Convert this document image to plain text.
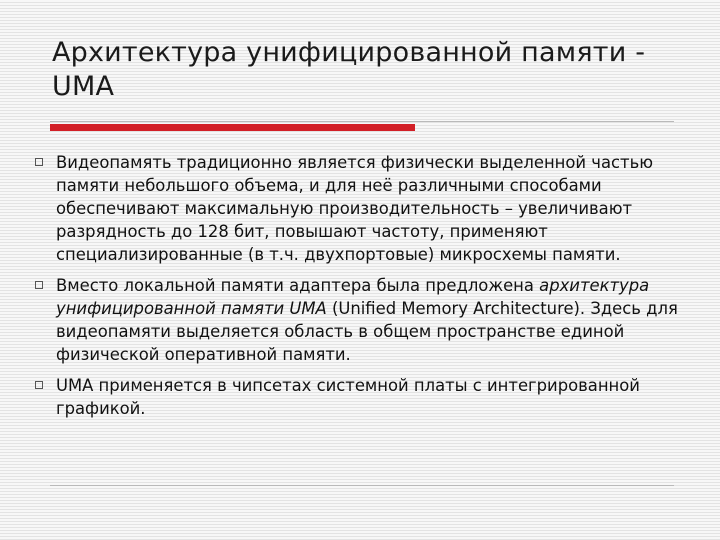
Архитектура унифицированной памяти - UMA
Видеопамять традиционно является физически выделенной частью памяти небольшого объема, и для неё различными способами обеспечивают максимальную производительность – увеличивают разрядность до 128 бит, повышают частоту, применяют специализированные (в т.ч. двухпортовые) микросхемы памяти.
Вместо локальной памяти адаптера была предложена архитектура унифицированной памяти UMA (Unified Memory Architecture). Здесь для видеопамяти выделяется область в общем пространстве единой физической оперативной памяти.
UMA применяется в чипсетах системной платы с интегрированной графикой.
